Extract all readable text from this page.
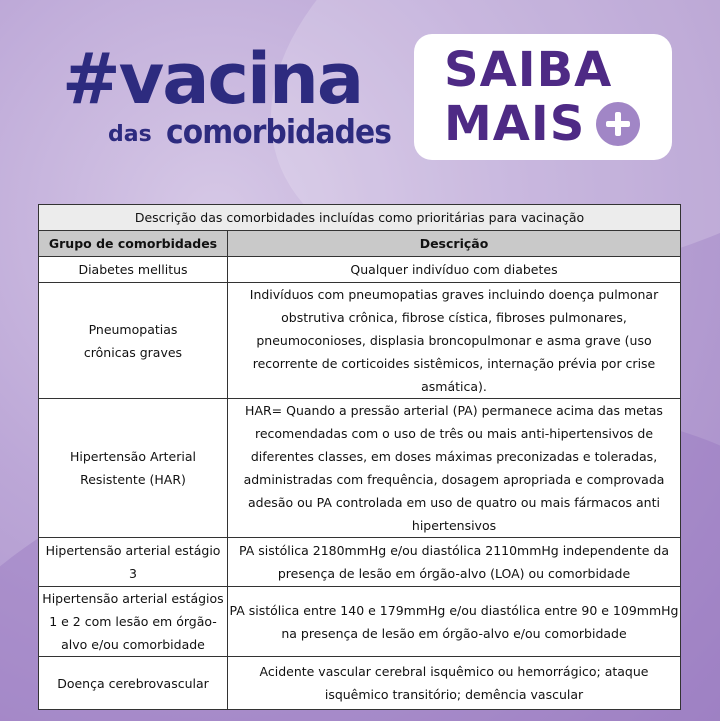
#vacina
das comorbidades
SAIBA
MAIS
Descrição das comorbidades incluídas como prioritárias para vacinação	
Grupo de comorbidades	Descrição
Diabetes mellitus	Qualquer indivíduo com diabetes
Pneumopatias crônicas graves	Indivíduos com pneumopatias graves incluindo doença pulmonar obstrutiva crônica, fibrose cística, fibroses pulmonares, pneumoconioses, displasia broncopulmonar e asma grave (uso recorrente de corticoides sistêmicos, internação prévia por crise asmática).
Hipertensão Arterial Resistente (HAR)	HAR= Quando a pressão arterial (PA) permanece acima das metas recomendadas com o uso de três ou mais anti-hipertensivos de diferentes classes, em doses máximas preconizadas e toleradas, administradas com frequência, dosagem apropriada e comprovada adesão ou PA controlada em uso de quatro ou mais fármacos anti hipertensivos
Hipertensão arterial estágio 3	PA sistólica 2180mmHg e/ou diastólica 2110mmHg independente da presença de lesão em órgão-alvo (LOA) ou comorbidade
Hipertensão arterial estágios 1 e 2 com lesão em órgão-alvo e/ou comorbidade	PA sistólica entre 140 e 179mmHg e/ou diastólica entre 90 e 109mmHg na presença de lesão em órgão-alvo e/ou comorbidade
Doença cerebrovascular	Acidente vascular cerebral isquêmico ou hemorrágico; ataque isquêmico transitório; demência vascular
